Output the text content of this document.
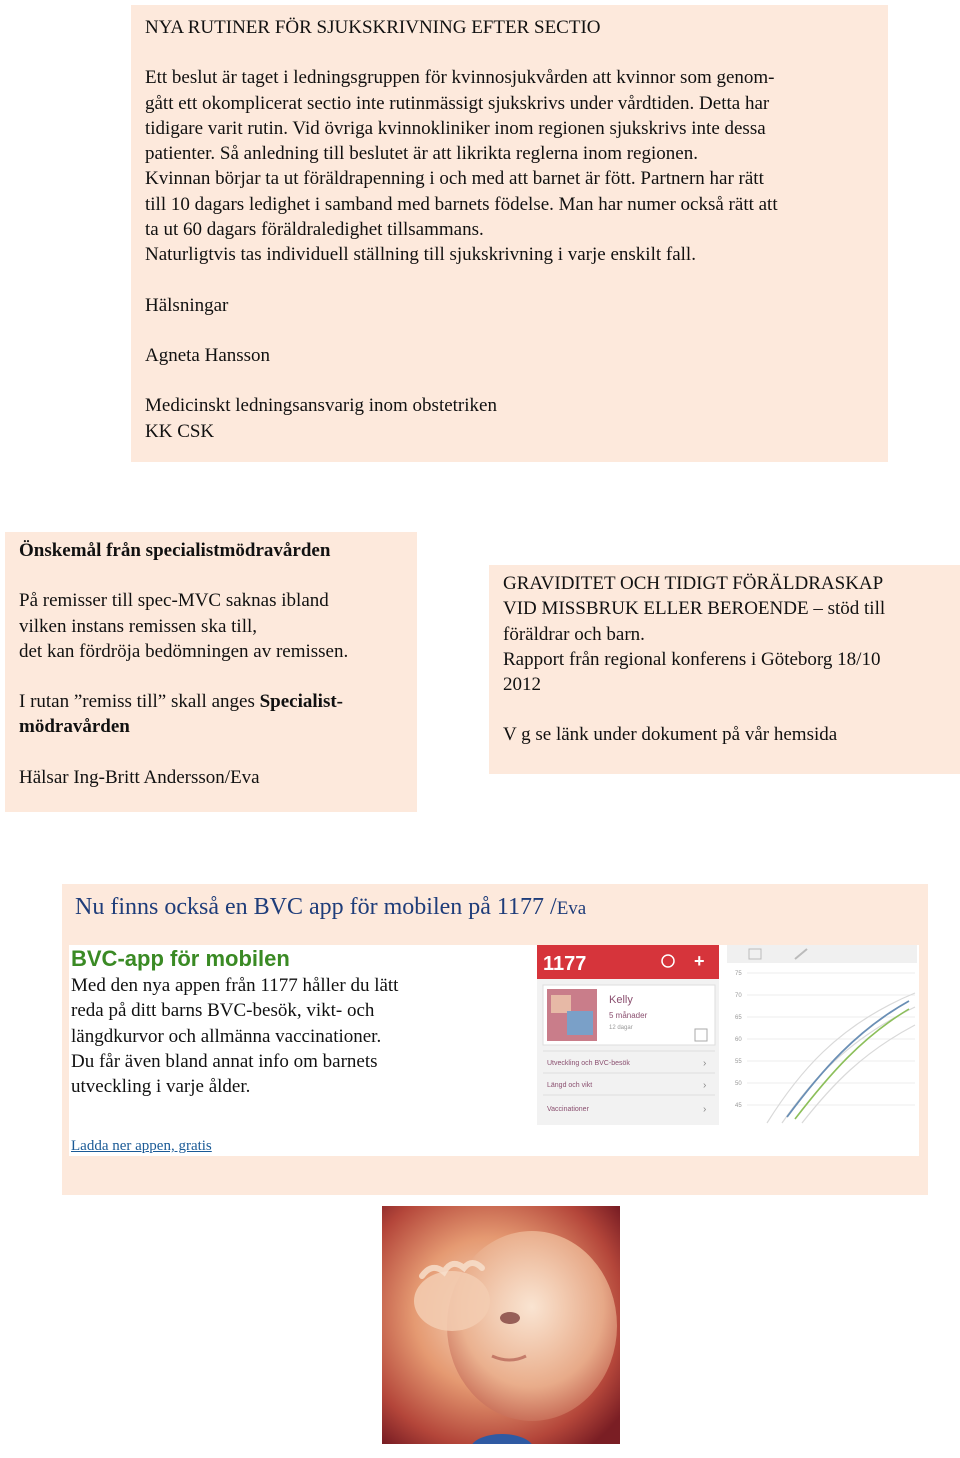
NYA RUTINER FÖR SJUKSKRIVNING EFTER SECTIO

Ett beslut är taget i ledningsgruppen för kvinnosjukvården att kvinnor som genom-

gått ett okomplicerat sectio inte rutinmässigt sjukskrivs under vårdtiden. Detta har

tidigare varit rutin. Vid övriga kvinnokliniker inom regionen sjukskrivs inte dessa

patienter. Så anledning till beslutet är att likrikta reglerna inom regionen.

Kvinnan börjar ta ut föräldrapenning i och med att barnet är fött. Partnern har rätt

till 10 dagars ledighet i samband med barnets födelse. Man har numer också rätt att

ta ut 60 dagars föräldraledighet tillsammans.

Naturligtvis tas individuell ställning till sjukskrivning i varje enskilt fall.

Hälsningar

Agneta Hansson

Medicinskt ledningsansvarig inom obstetriken

KK CSK

Önskemål från specialistmödravården

På remisser till spec-MVC saknas ibland

vilken instans remissen ska till,

det kan fördröja bedömningen av remissen.

I rutan ”remiss till” skall anges Specialist-

mödravården

Hälsar Ing-Britt Andersson/Eva

GRAVIDITET OCH TIDIGT FÖRÄLDRASKAP

VID MISSBRUK ELLER BEROENDE – stöd till

föräldrar och barn.

Rapport från regional konferens i Göteborg 18/10

2012

V g se länk under dokument på vår hemsida

Nu finns också en BVC app för mobilen på 1177 /Eva
BVC-app för mobilen

Med den nya appen från 1177 håller du lätt

reda på ditt barns BVC-besök, vikt- och

längdkurvor och allmänna vaccinationer.

Du får även bland annat info om barnets

utveckling i varje ålder.

Ladda ner appen, gratis
1177	+
Kelly
5 månader
12 dagar
Utveckling och BVC-besök	›
Längd och vikt	›
Vaccinationer	›
75
70
65
60
55
50
45
